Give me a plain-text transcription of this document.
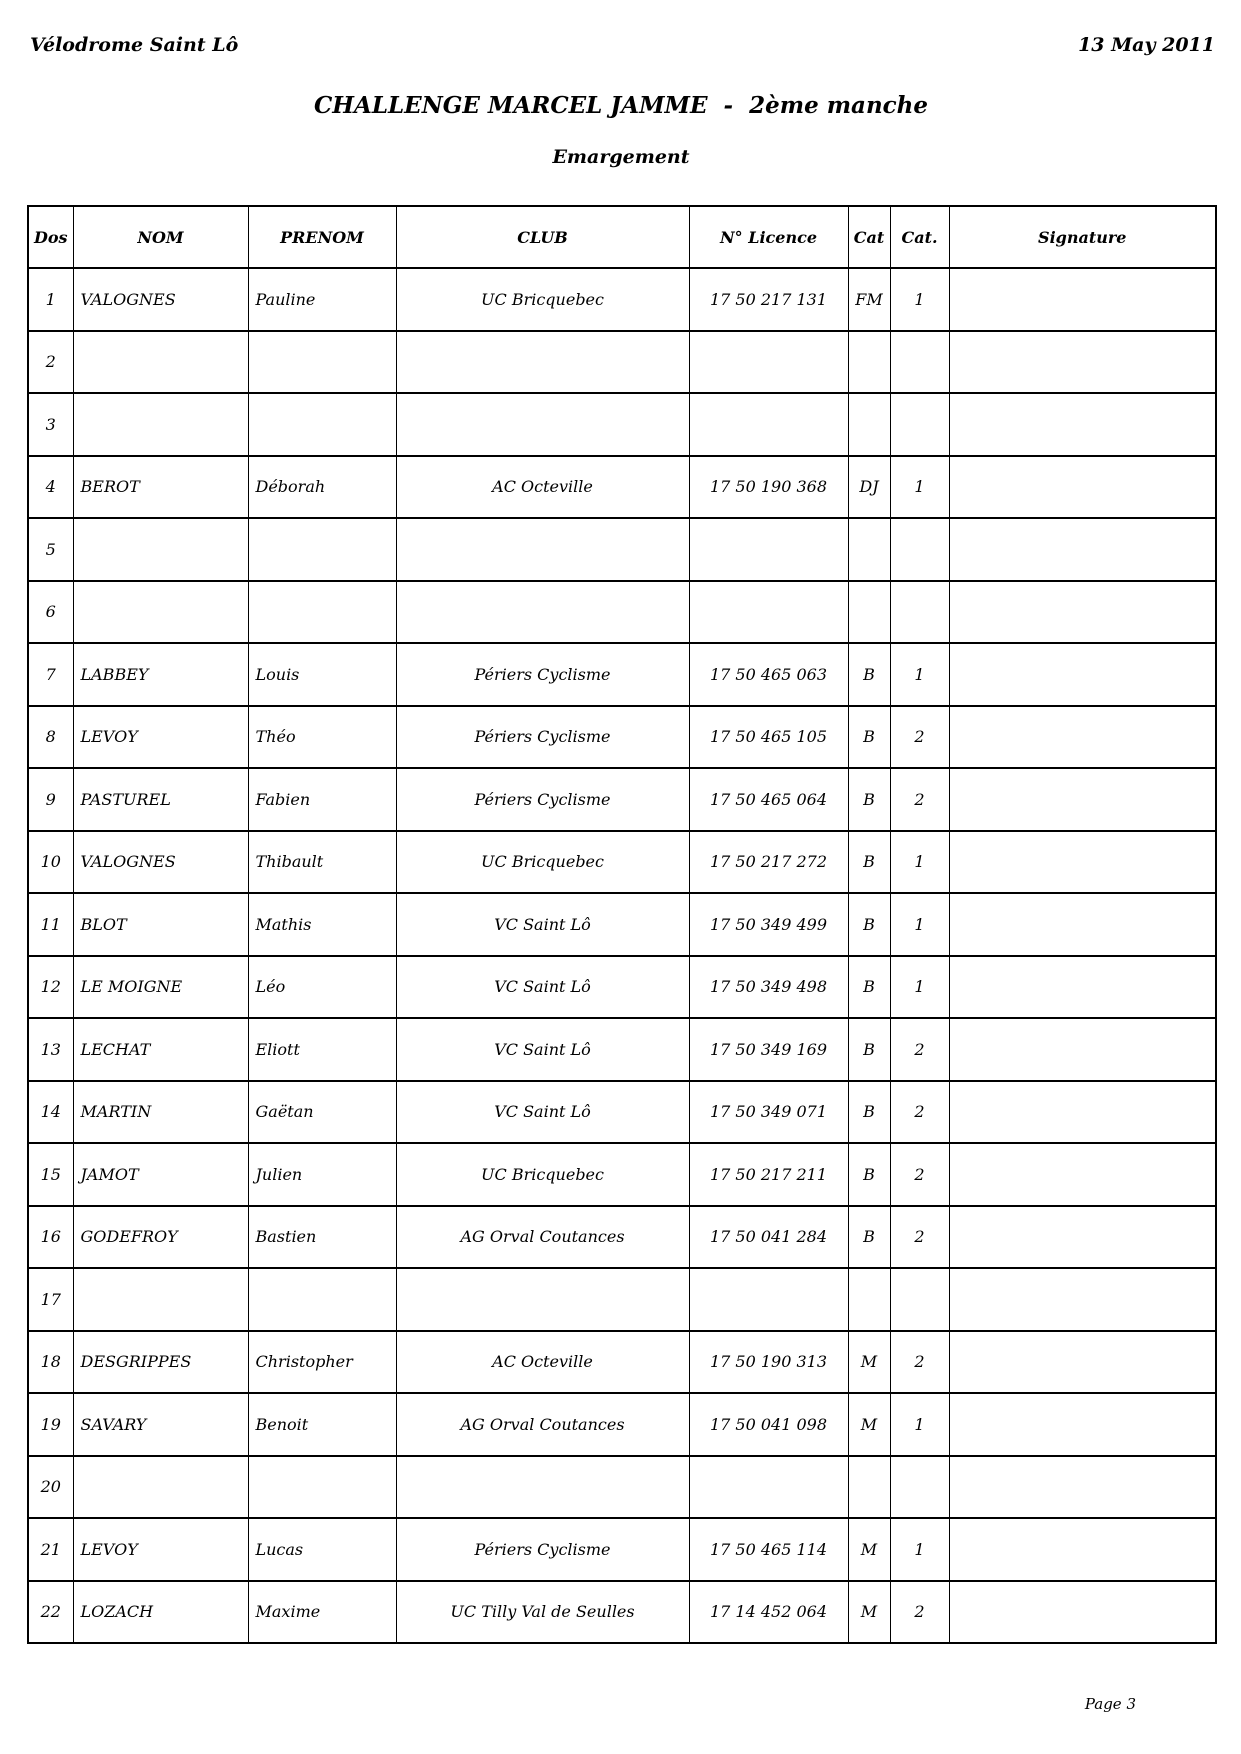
Vélodrome Saint Lô	13 May 2011
CHALLENGE MARCEL JAMME  -  2ème manche
Emargement
Dos	NOM	PRENOM	CLUB	N° Licence	Cat	Cat.	Signature
1	VALOGNES	Pauline	UC Bricquebec	17 50 217 131	FM	1	
2							
3							
4	BEROT	Déborah	AC Octeville	17 50 190 368	DJ	1	
5							
6							
7	LABBEY	Louis	Périers Cyclisme	17 50 465 063	B	1	
8	LEVOY	Théo	Périers Cyclisme	17 50 465 105	B	2	
9	PASTUREL	Fabien	Périers Cyclisme	17 50 465 064	B	2	
10	VALOGNES	Thibault	UC Bricquebec	17 50 217 272	B	1	
11	BLOT	Mathis	VC Saint Lô	17 50 349 499	B	1	
12	LE MOIGNE	Léo	VC Saint Lô	17 50 349 498	B	1	
13	LECHAT	Eliott	VC Saint Lô	17 50 349 169	B	2	
14	MARTIN	Gaëtan	VC Saint Lô	17 50 349 071	B	2	
15	JAMOT	Julien	UC Bricquebec	17 50 217 211	B	2	
16	GODEFROY	Bastien	AG Orval Coutances	17 50 041 284	B	2	
17							
18	DESGRIPPES	Christopher	AC Octeville	17 50 190 313	M	2	
19	SAVARY	Benoit	AG Orval Coutances	17 50 041 098	M	1	
20							
21	LEVOY	Lucas	Périers Cyclisme	17 50 465 114	M	1	
22	LOZACH	Maxime	UC Tilly Val de Seulles	17 14 452 064	M	2	
Page 3
